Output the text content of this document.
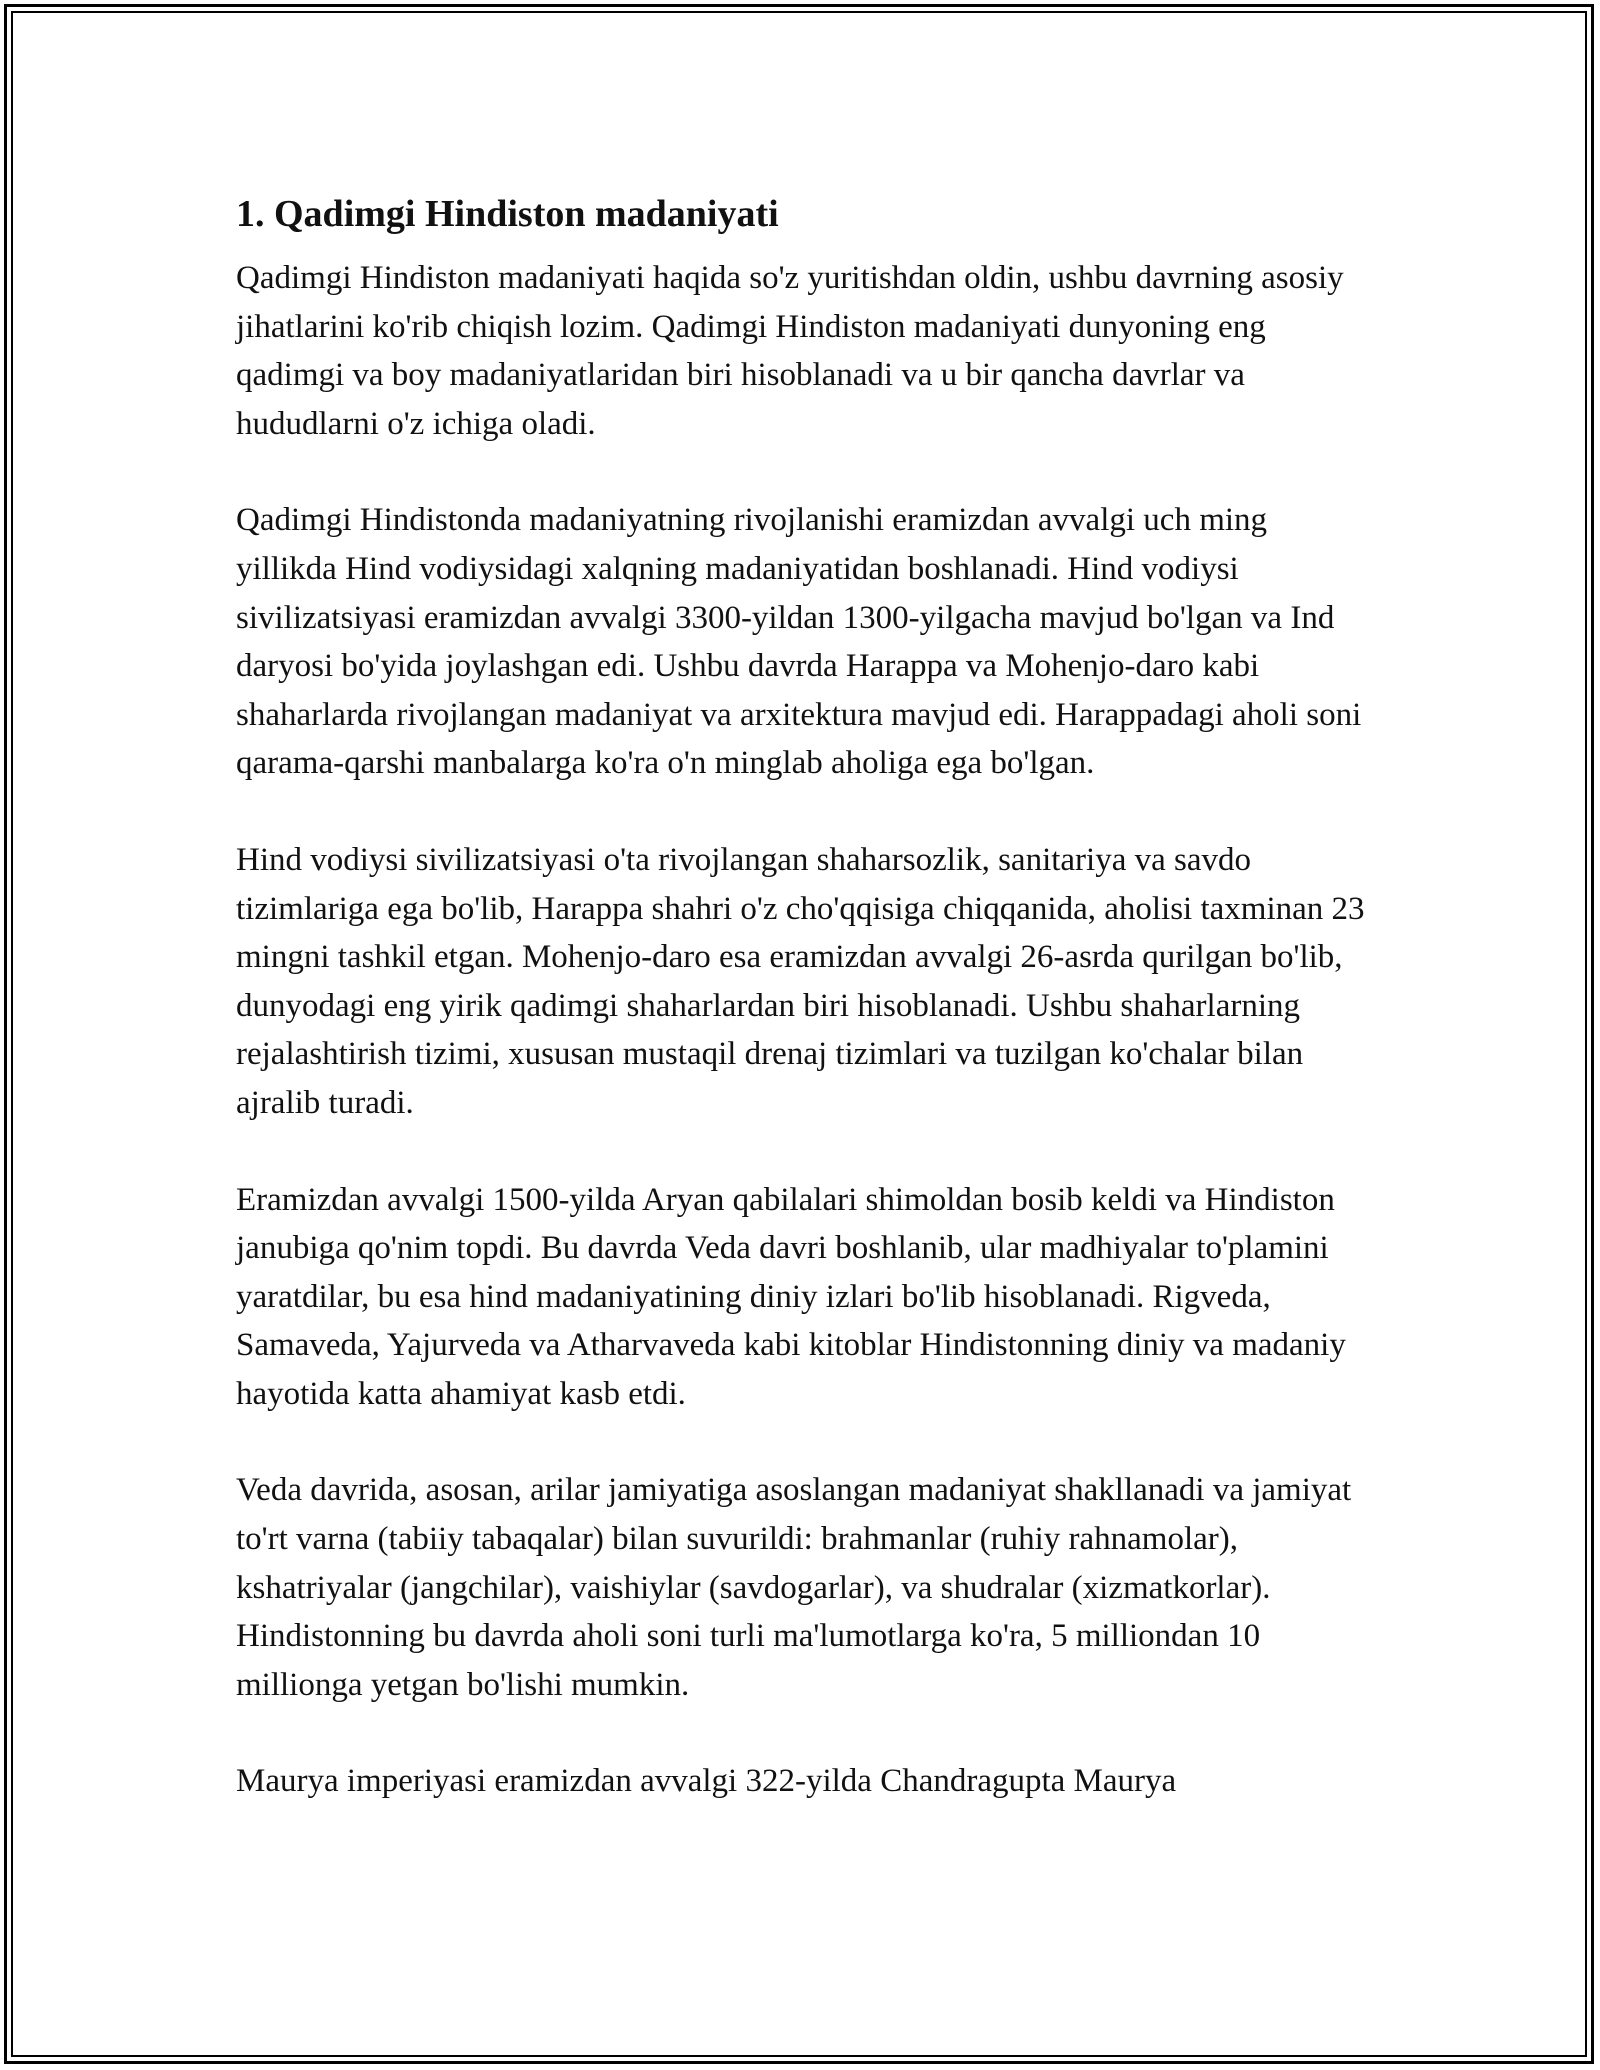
1. Qadimgi Hindiston madaniyati

Qadimgi Hindiston madaniyati haqida so'z yuritishdan oldin, ushbu davrning asosiy jihatlarini ko'rib chiqish lozim. Qadimgi Hindiston madaniyati dunyoning eng qadimgi va boy madaniyatlaridan biri hisoblanadi va u bir qancha davrlar va hududlarni o'z ichiga oladi.

Qadimgi Hindistonda madaniyatning rivojlanishi eramizdan avvalgi uch ming yillikda Hind vodiysidagi xalqning madaniyatidan boshlanadi. Hind vodiysi sivilizatsiyasi eramizdan avvalgi 3300-yildan 1300-yilgacha mavjud bo'lgan va Ind daryosi bo'yida joylashgan edi. Ushbu davrda Harappa va Mohenjo-daro kabi shaharlarda rivojlangan madaniyat va arxitektura mavjud edi. Harappadagi aholi soni qarama-qarshi manbalarga ko'ra o'n minglab aholiga ega bo'lgan.

Hind vodiysi sivilizatsiyasi o'ta rivojlangan shaharsozlik, sanitariya va savdo tizimlariga ega bo'lib, Harappa shahri o'z cho'qqisiga chiqqanida, aholisi taxminan 23 mingni tashkil etgan. Mohenjo-daro esa eramizdan avvalgi 26-asrda qurilgan bo'lib, dunyodagi eng yirik qadimgi shaharlardan biri hisoblanadi. Ushbu shaharlarning rejalashtirish tizimi, xususan mustaqil drenaj tizimlari va tuzilgan ko'chalar bilan ajralib turadi.

Eramizdan avvalgi 1500-yilda Aryan qabilalari shimoldan bosib keldi va Hindiston janubiga qo'nim topdi. Bu davrda Veda davri boshlanib, ular madhiyalar to'plamini yaratdilar, bu esa hind madaniyatining diniy izlari bo'lib hisoblanadi. Rigveda, Samaveda, Yajurveda va Atharvaveda kabi kitoblar Hindistonning diniy va madaniy hayotida katta ahamiyat kasb etdi.

Veda davrida, asosan, arilar jamiyatiga asoslangan madaniyat shakllanadi va jamiyat to'rt varna (tabiiy tabaqalar) bilan suvurildi: brahmanlar (ruhiy rahnamolar), kshatriyalar (jangchilar), vaishiylar (savdogarlar), va shudralar (xizmatkorlar). Hindistonning bu davrda aholi soni turli ma'lumotlarga ko'ra, 5 milliondan 10 millionga yetgan bo'lishi mumkin.

Maurya imperiyasi eramizdan avvalgi 322-yilda Chandragupta Maurya
